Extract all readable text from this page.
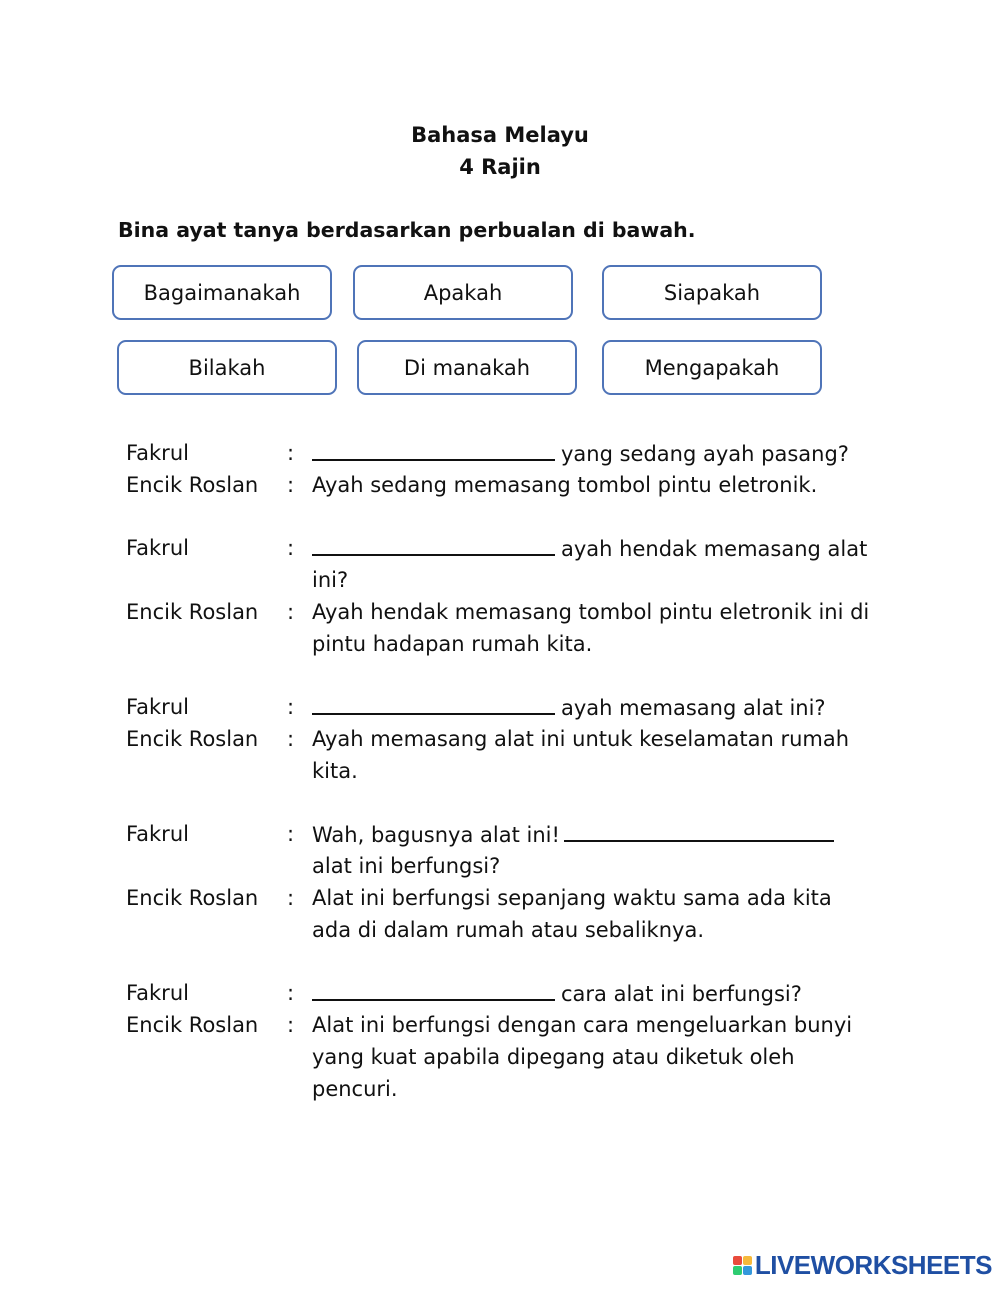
Bahasa Melayu
4 Rajin
Bina ayat tanya berdasarkan perbualan di bawah.
Bagaimanakah	Apakah	Siapakah
Bilakah	Di manakah	Mengapakah
Fakrul	:	yang sedang ayah pasang?
Encik Roslan : Ayah sedang memasang tombol pintu eletronik.
Fakrul	:	ayah hendak memasang alat
ini?
Encik Roslan : Ayah hendak memasang tombol pintu eletronik ini di
pintu hadapan rumah kita.
Fakrul	:	ayah memasang alat ini?
Encik Roslan : Ayah memasang alat ini untuk keselamatan rumah
kita.
Fakrul	: Wah, bagusnya alat ini!
alat ini berfungsi?
Encik Roslan : Alat ini berfungsi sepanjang waktu sama ada kita
ada di dalam rumah atau sebaliknya.
Fakrul	:	cara alat ini berfungsi?
Encik Roslan : Alat ini berfungsi dengan cara mengeluarkan bunyi
yang kuat apabila dipegang atau diketuk oleh
pencuri.
LIVEWORKSHEETS
